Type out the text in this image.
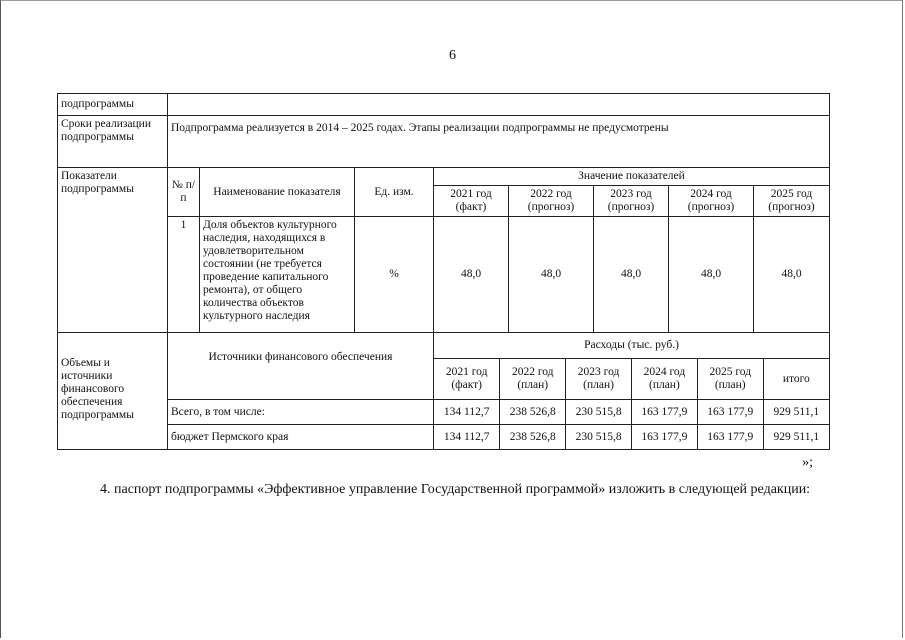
6
подпрограммы	
Сроки реализации подпрограммы	Подпрограмма реализуется в 2014 – 2025 годах. Этапы реализации подпрограммы не предусмотрены
Показатели подпрограммы	№ п/п	Наименование показателя	Ед. изм.	Значение показателей
2021 год (факт)	2022 год (прогноз)	2023 год (прогноз)	2024 год (прогноз)	2025 год (прогноз)
1	Доля объектов культурного наследия, находящихся в удовлетворительном состоянии (не требуется проведение капитального ремонта), от общего количества объектов культурного наследия	%	48,0	48,0	48,0	48,0	48,0
Объемы и источники финансового обеспечения подпрограммы	Источники финансового обеспечения	Расходы (тыс. руб.)

2021 год (факт)	2022 год (план)	2023 год (план)	2024 год (план)	2025 год (план)	итого

Всего, в том числе:		134 112,7	238 526,8	230 515,8	163 177,9	163 177,9	929 511,1

бюджет Пермского края		134 112,7	238 526,8	230 515,8	163 177,9	163 177,9	929 511,1
»;
4. паспорт подпрограммы «Эффективное управление Государственной программой» изложить в следующей редакции:
